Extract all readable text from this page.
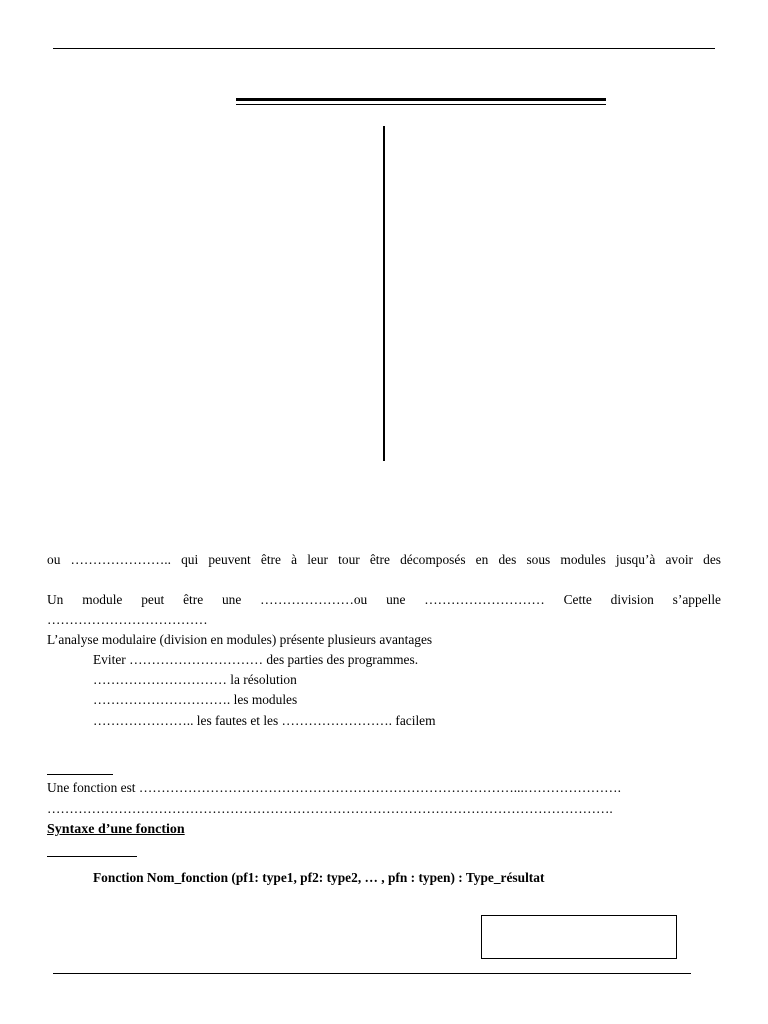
ou ………………….. qui peuvent être à leur tour être décomposés en des sous modules jusqu’à avoir des
Un module peut être une …………………ou une ……………………… Cette division s’appelle
………………………………
L’analyse modulaire (division en modules) présente plusieurs avantages
Eviter ………………………… des parties des programmes.
………………………… la résolution
…………………………. les modules
………………….. les fautes et les ……………………. facilem
Une fonction est …………………………………………………………………………...………………….
……………………………………………………………………………………………………………….
Syntaxe d’une fonction
Fonction Nom_fonction (pf1: type1, pf2: type2, … , pfn : typen) : Type_résultat
